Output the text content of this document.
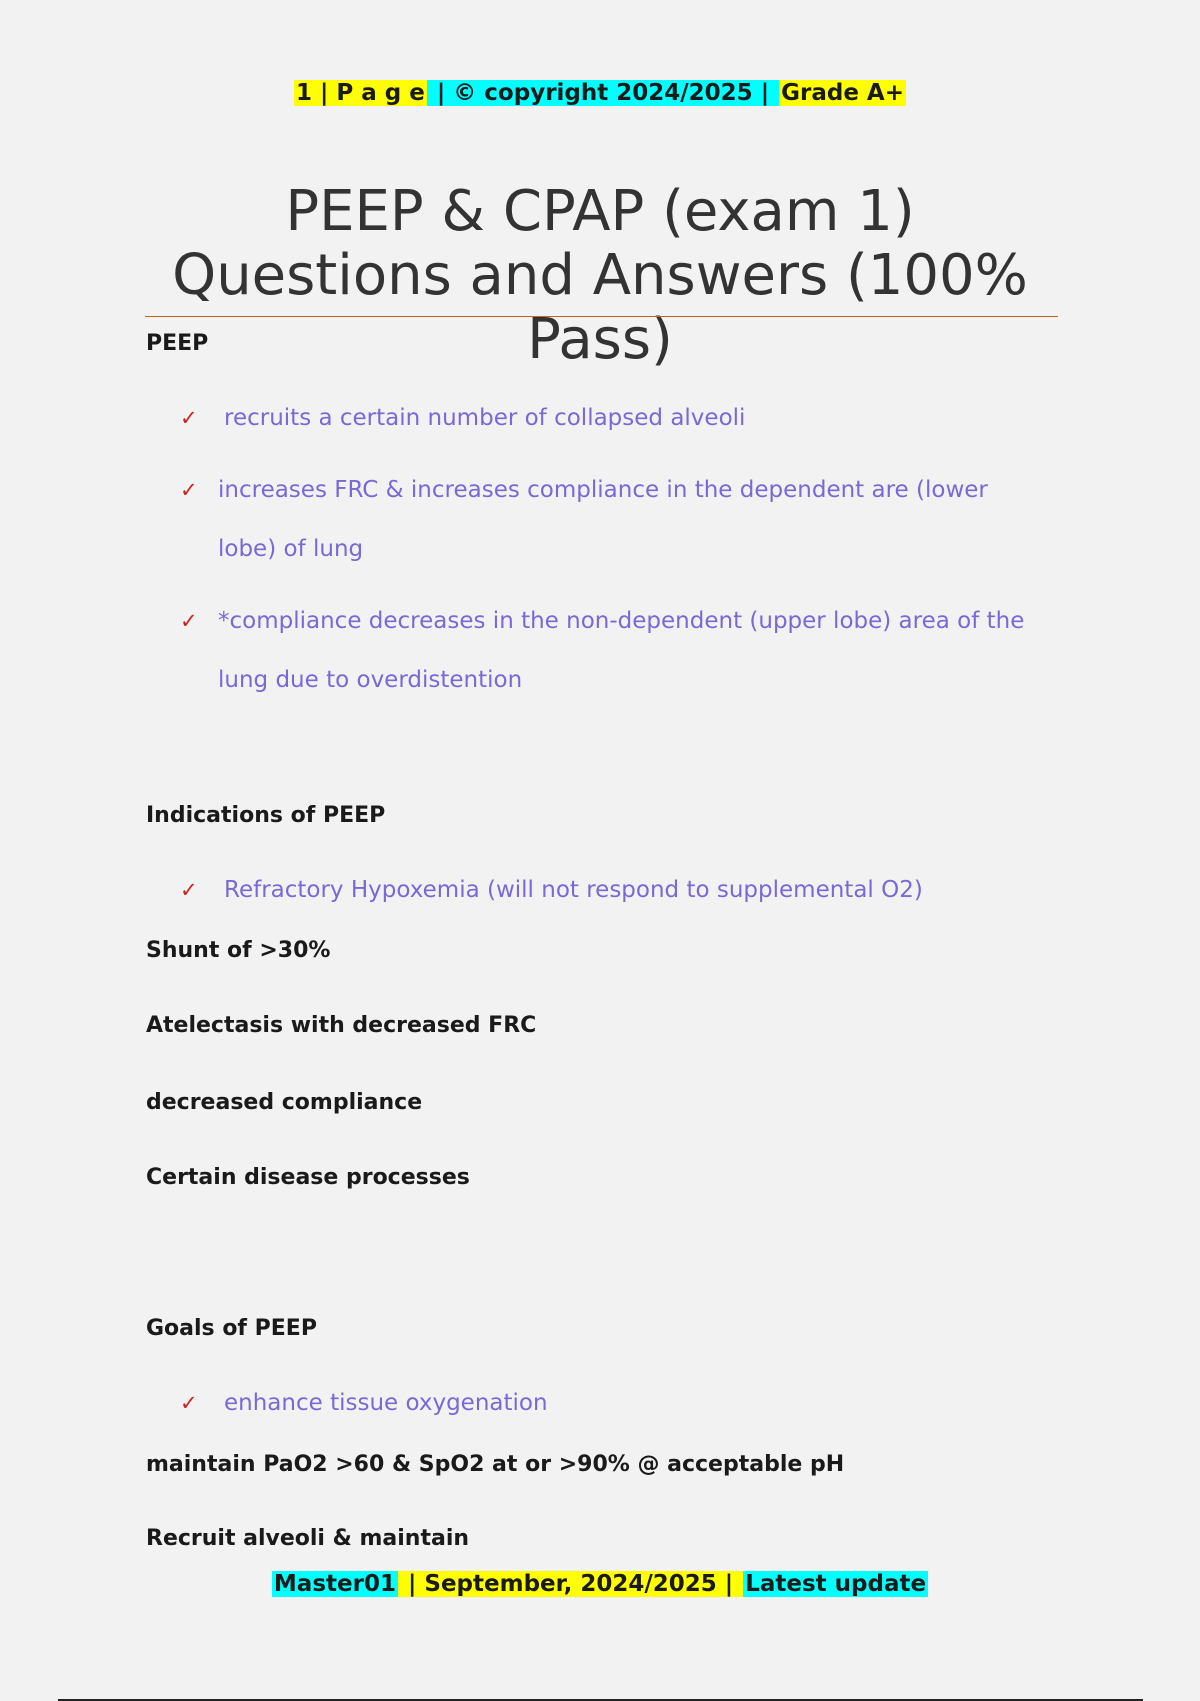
1 | P a g e | © copyright 2024/2025 | Grade A+
PEEP & CPAP (exam 1) Questions and Answers (100% Pass)
PEEP
✓ recruits a certain number of collapsed alveoli
✓ increases FRC & increases compliance in the dependent are (lower lobe) of lung
✓ *compliance decreases in the non-dependent (upper lobe) area of the lung due to overdistention
Indications of PEEP
✓ Refractory Hypoxemia (will not respond to supplemental O2)
Shunt of >30%
Atelectasis with decreased FRC
decreased compliance
Certain disease processes
Goals of PEEP
✓ enhance tissue oxygenation
maintain PaO2 >60 & SpO2 at or >90% @ acceptable pH
Recruit alveoli & maintain
Master01 | September, 2024/2025 | Latest update
